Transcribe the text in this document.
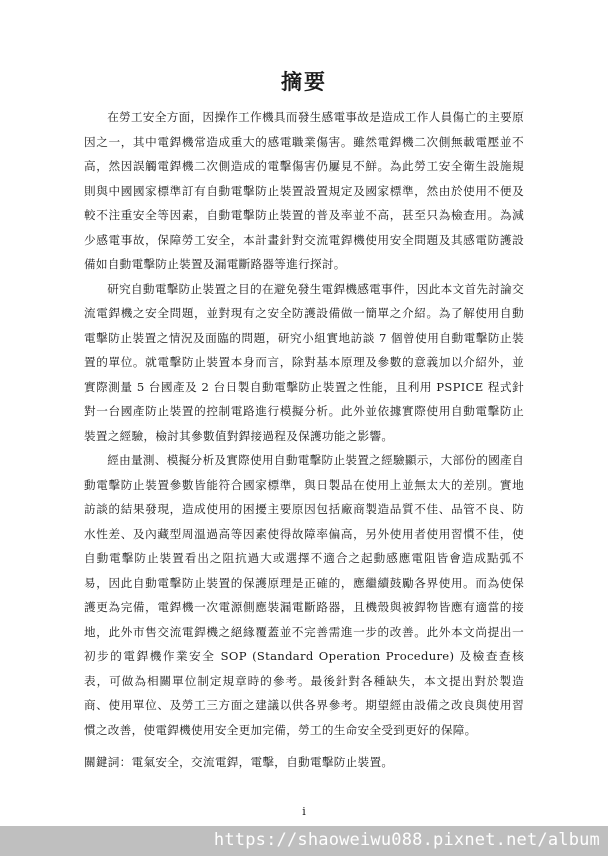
摘要

在勞工安全方面，因操作工作機具而發生感電事故是造成工作人員傷亡的主要原因之一，其中電銲機常造成重大的感電職業傷害。雖然電銲機二次側無載電壓並不高，然因誤觸電銲機二次側造成的電擊傷害仍屢見不鮮。為此勞工安全衛生設施規則與中國國家標準訂有自動電擊防止裝置設置規定及國家標準，然由於使用不便及較不注重安全等因素，自動電擊防止裝置的普及率並不高，甚至只為檢查用。為減少感電事故，保障勞工安全，本計畫針對交流電銲機使用安全問題及其感電防護設備如自動電擊防止裝置及漏電斷路器等進行探討。

研究自動電擊防止裝置之目的在避免發生電銲機感電事件，因此本文首先討論交流電銲機之安全問題，並對現有之安全防護設備做一簡單之介紹。為了解使用自動電擊防止裝置之情況及面臨的問題，研究小組實地訪談 7 個曾使用自動電擊防止裝置的單位。就電擊防止裝置本身而言，除對基本原理及參數的意義加以介紹外，並實際測量 5 台國產及 2 台日製自動電擊防止裝置之性能，且利用 PSPICE 程式針對一台國產防止裝置的控制電路進行模擬分析。此外並依據實際使用自動電擊防止裝置之經驗，檢討其參數值對銲接過程及保護功能之影響。

經由量測、模擬分析及實際使用自動電擊防止裝置之經驗顯示，大部份的國產自動電擊防止裝置參數皆能符合國家標準，與日製品在使用上並無太大的差別。實地訪談的結果發現，造成使用的困擾主要原因包括廠商製造品質不佳、品管不良、防水性差、及內藏型周溫過高等因素使得故障率偏高，另外使用者使用習慣不佳，使自動電擊防止裝置看出之阻抗過大或選擇不適合之起動感應電阻皆會造成點弧不易，因此自動電擊防止裝置的保護原理是正確的，應繼續鼓勵各界使用。而為使保護更為完備，電銲機一次電源側應裝漏電斷路器，且機殼與被銲物皆應有適當的接地，此外市售交流電銲機之絕緣覆蓋並不完善需進一步的改善。此外本文尚提出一初步的電銲機作業安全 SOP (Standard Operation Procedure) 及檢查查核表，可做為相關單位制定規章時的參考。最後針對各種缺失，本文提出對於製造商、使用單位、及勞工三方面之建議以供各界參考。期望經由設備之改良與使用習慣之改善，使電銲機使用安全更加完備，勞工的生命安全受到更好的保障。

關鍵詞：電氣安全，交流電銲，電擊，自動電擊防止裝置。
i
https://shaoweiwu088.pixnet.net/album
